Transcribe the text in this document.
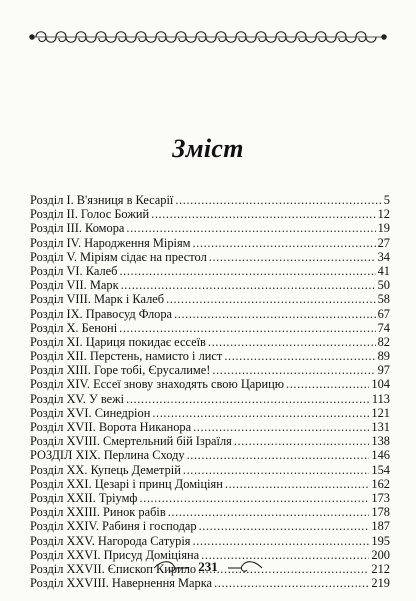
Зміст
Розділ І. В'язниця в Кесарії .....	5
Розділ ІІ. Голос Божий .....	12
Розділ ІІІ. Комора .....	19
Розділ IV. Народження Міріям .....	27
Розділ V. Міріям сідає на престол .....	34
Розділ VІ. Калеб .....	41
Розділ VII. Марк .....	50
Розділ VIII. Марк і Калеб .....	58
Розділ IX. Правосуд Флора .....	67
Розділ X. Беноні .....	74
Розділ XI. Цариця покидає ессеїв .....	82
Розділ XII. Перстень, намисто і лист .....	89
Розділ XIII. Горе тобі, Єрусалиме! .....	97
Розділ XIV. Ессеї знову знаходять свою Царицю .....	104
Розділ XV. У вежі .....	113
Розділ XVI. Синедріон .....	121
Розділ XVII. Ворота Никанора .....	131
Розділ XVIII. Смертельний бій Ізраїля .....	138
РОЗДІЛ XIX. Перлина Сходу .....	146
Розділ XX. Купець Деметрій .....	154
Розділ XXI. Цезарі і принц Доміціян .....	162
Розділ XXII. Тріумф .....	173
Розділ XXIII. Ринок рабів .....	178
Розділ XXIV. Рабиня і господар .....	187
Розділ XXV. Нагорода Сатурія .....	195
Розділ XXVI. Присуд Доміціяна .....	200
Розділ XXVII. Єпископ Кирило .....	212
Розділ XXVIII. Навернення Марка .....	219
231
